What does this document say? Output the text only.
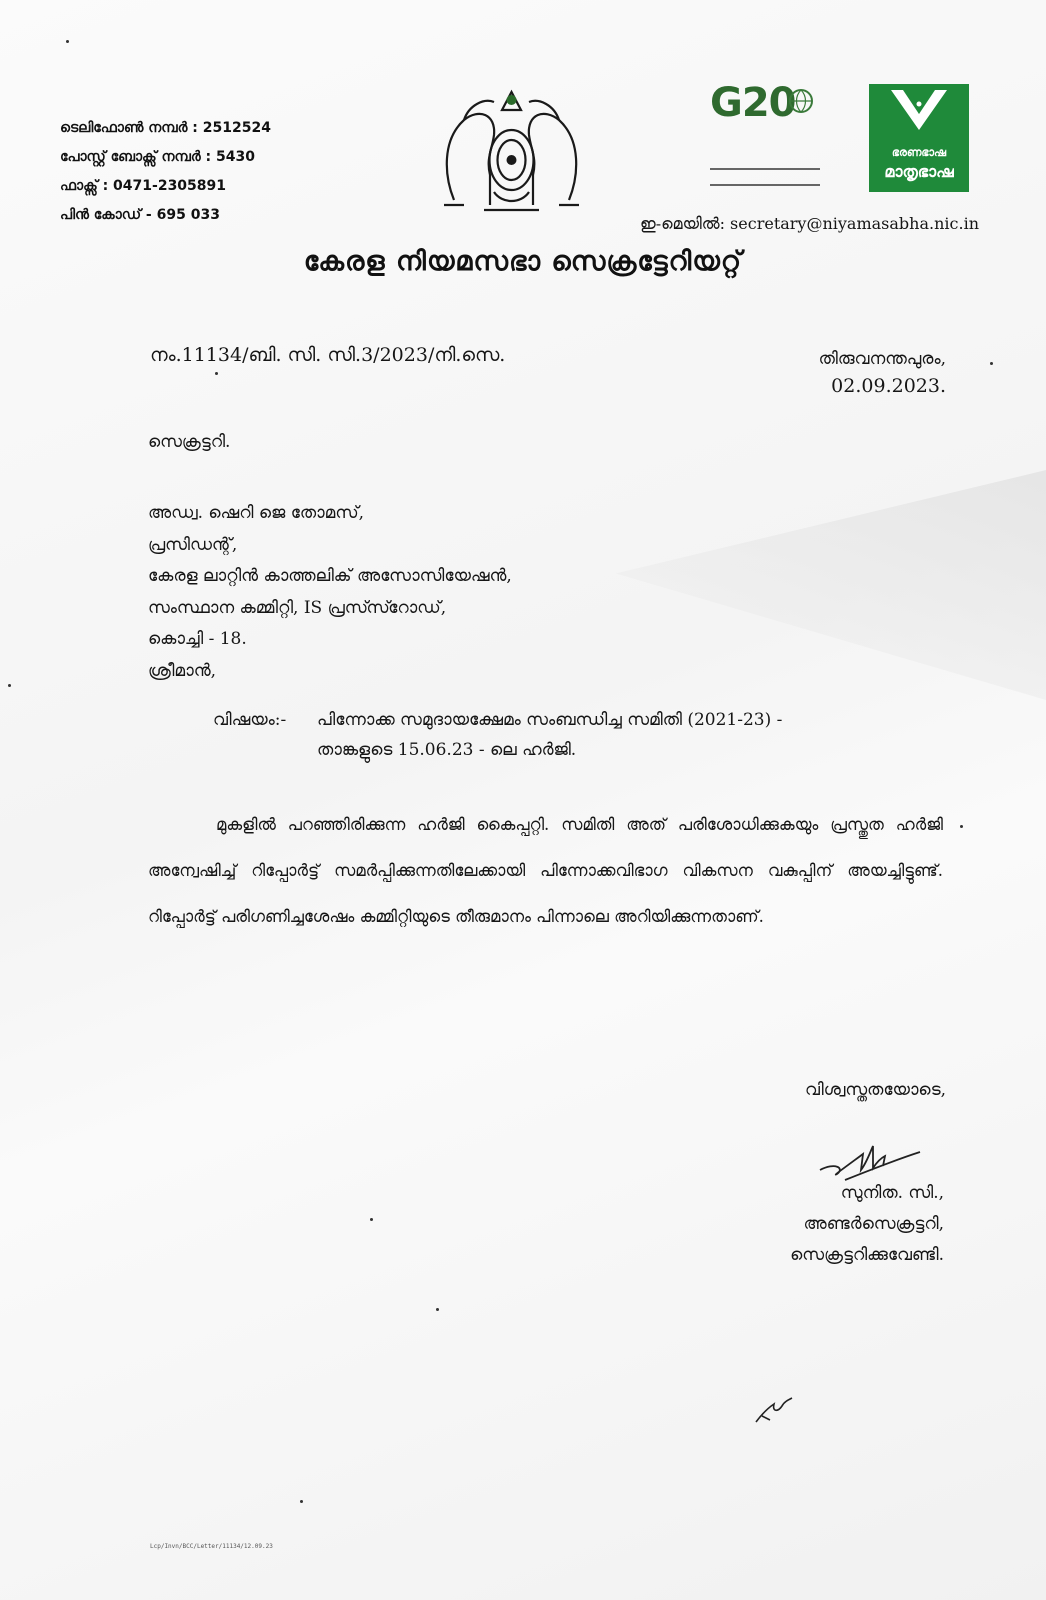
ടെലിഫോൺ നമ്പർ : 2512524
പോസ്റ്റ് ബോക്സ് നമ്പർ : 5430
ഫാക്സ് : 0471-2305891
പിൻ കോഡ് - 695 033
G20
ഭരണഭാഷ
മാതൃഭാഷ
ഇ-മെയിൽ: secretary@niyamasabha.nic.in
കേരള നിയമസഭാ സെക്രട്ടേറിയറ്റ്
നം.11134/ബി. സി. സി.3/2023/നി.സെ.	തിരുവനന്തപുരം,
02.09.2023.
സെക്രട്ടറി.
അഡ്വ. ഷെറി ജെ തോമസ്,
പ്രസിഡന്റ്,
കേരള ലാറ്റിൻ കാത്തലിക് അസോസിയേഷൻ,
സംസ്ഥാന കമ്മിറ്റി, IS പ്രസ്സ്റോഡ്,
കൊച്ചി - 18.
ശ്രീമാൻ,
വിഷയം:- പിന്നോക്ക സമുദായക്ഷേമം സംബന്ധിച്ച സമിതി (2021-23) -
താങ്കളുടെ 15.06.23 - ലെ ഹർജി.
മുകളിൽ പറഞ്ഞിരിക്കുന്ന ഹർജി കൈപ്പറ്റി. സമിതി അത് പരിശോധിക്കുകയും പ്രസ്തുത ഹർജി അന്വേഷിച്ച് റിപ്പോർട്ട് സമർപ്പിക്കുന്നതിലേക്കായി പിന്നോക്കവിഭാഗ വികസന വകുപ്പിന് അയച്ചിട്ടുണ്ട്. റിപ്പോർട്ട് പരിഗണിച്ചശേഷം കമ്മിറ്റിയുടെ തീരുമാനം പിന്നാലെ അറിയിക്കുന്നതാണ്.
വിശ്വസ്തതയോടെ,
സുനിത. സി.,
അണ്ടർസെക്രട്ടറി,
സെക്രട്ടറിക്കുവേണ്ടി.
Lcp/Invn/BCC/Letter/11134/12.09.23
